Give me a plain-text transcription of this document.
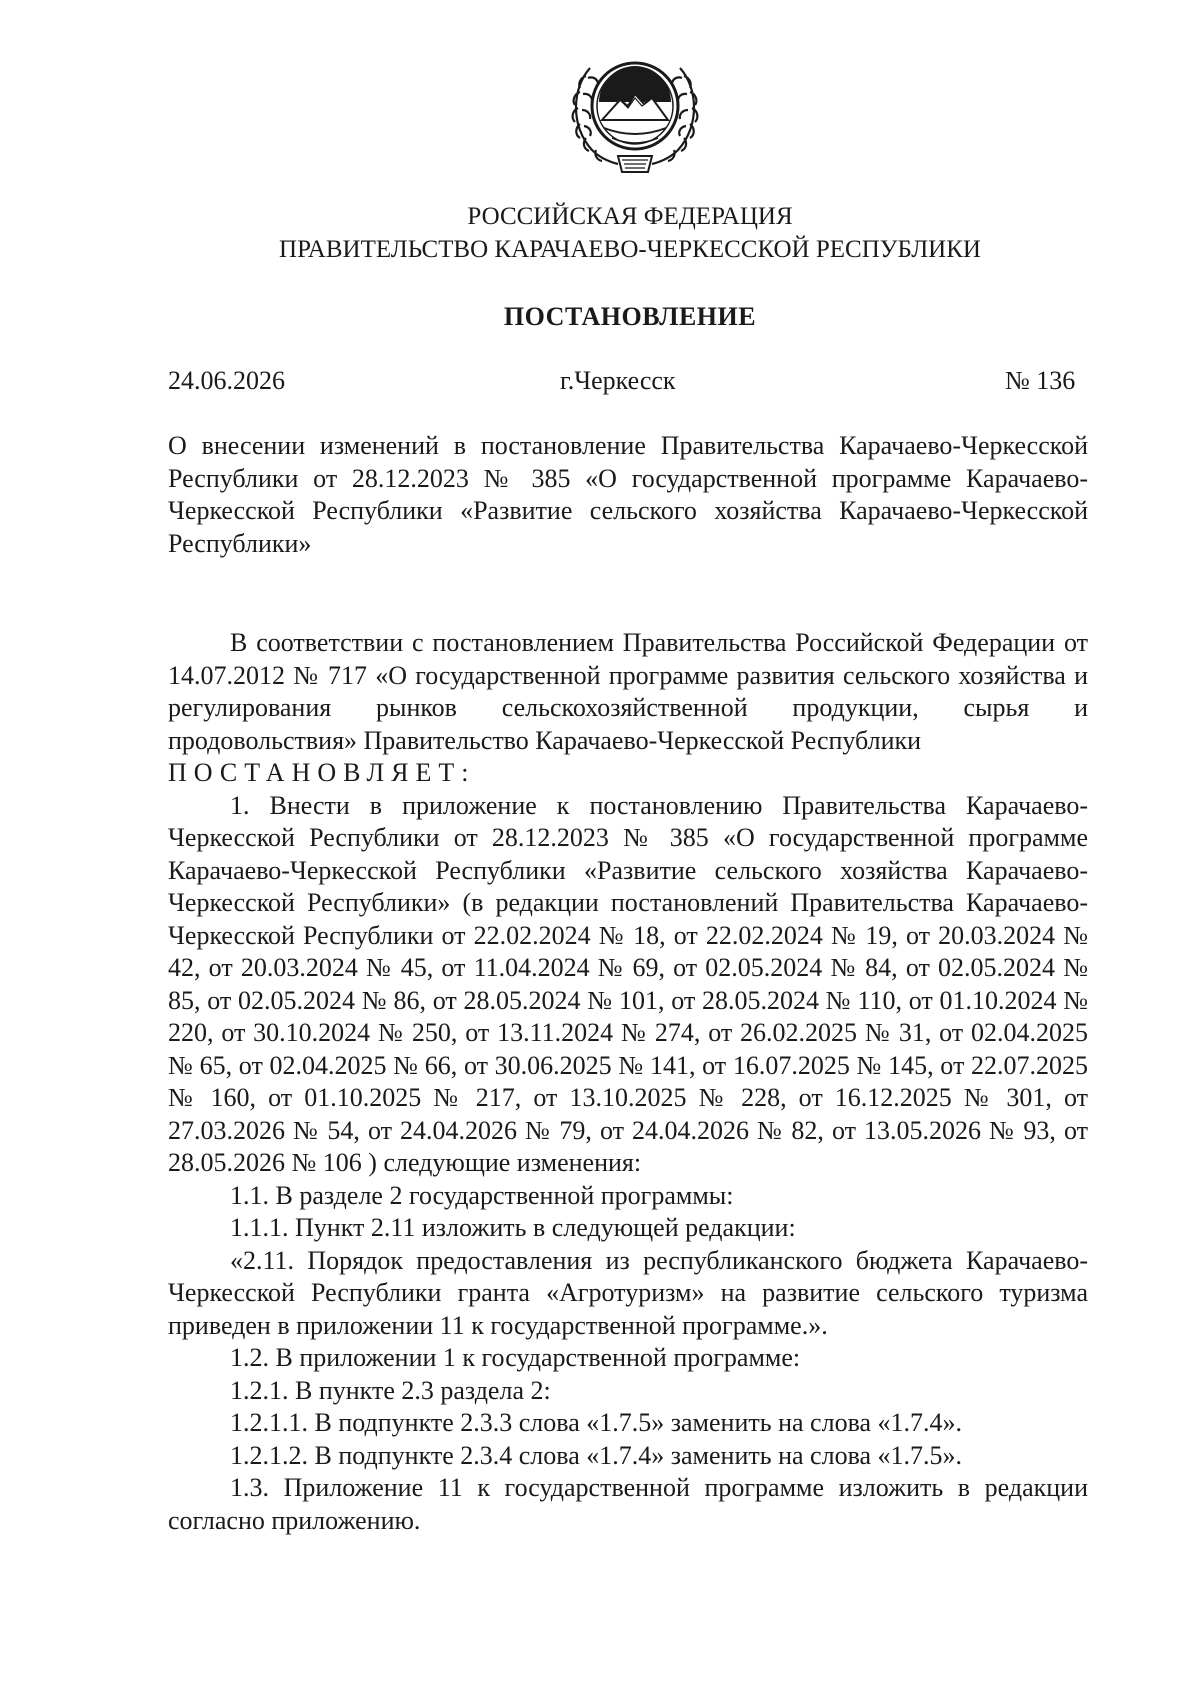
РОССИЙСКАЯ ФЕДЕРАЦИЯ
ПРАВИТЕЛЬСТВО КАРАЧАЕВО-ЧЕРКЕССКОЙ РЕСПУБЛИКИ
ПОСТАНОВЛЕНИЕ
24.06.2026	г.Черкесск	№ 136
О внесении изменений в постановление Правительства Карачаево-Черкесской Республики от 28.12.2023 № 385 «О государственной программе Карачаево-Черкесской Республики «Развитие сельского хозяйства Карачаево-Черкесской Республики»

В соответствии с постановлением Правительства Российской Федерации от 14.07.2012 № 717 «О государственной программе развития сельского хозяйства и регулирования рынков сельскохозяйственной продукции, сырья и продовольствия» Правительство Карачаево-Черкесской Республики

ПОСТАНОВЛЯЕТ:

1. Внести в приложение к постановлению Правительства Карачаево-Черкесской Республики от 28.12.2023 № 385 «О государственной программе Карачаево-Черкесской Республики «Развитие сельского хозяйства Карачаево-Черкесской Республики» (в редакции постановлений Правительства Карачаево-Черкесской Республики от 22.02.2024 № 18, от 22.02.2024 № 19, от 20.03.2024 № 42, от 20.03.2024 № 45, от 11.04.2024 № 69, от 02.05.2024 № 84, от 02.05.2024 № 85, от 02.05.2024 № 86, от 28.05.2024 № 101, от 28.05.2024 № 110, от 01.10.2024 № 220, от 30.10.2024 № 250, от 13.11.2024 № 274, от 26.02.2025 № 31, от 02.04.2025 № 65, от 02.04.2025 № 66, от 30.06.2025 № 141, от 16.07.2025 № 145, от 22.07.2025 № 160, от 01.10.2025 № 217, от 13.10.2025 № 228, от 16.12.2025 № 301, от 27.03.2026 № 54, от 24.04.2026 № 79, от 24.04.2026 № 82, от 13.05.2026 № 93, от 28.05.2026 № 106 ) следующие изменения:

1.1. В разделе 2 государственной программы:

1.1.1. Пункт 2.11 изложить в следующей редакции:

«2.11. Порядок предоставления из республиканского бюджета Карачаево-Черкесской Республики гранта «Агротуризм» на развитие сельского туризма приведен в приложении 11 к государственной программе.».

1.2. В приложении 1 к государственной программе:

1.2.1. В пункте 2.3 раздела 2:

1.2.1.1. В подпункте 2.3.3 слова «1.7.5» заменить на слова «1.7.4».

1.2.1.2. В подпункте 2.3.4 слова «1.7.4» заменить на слова «1.7.5».

1.3. Приложение 11 к государственной программе изложить в редакции согласно приложению.
